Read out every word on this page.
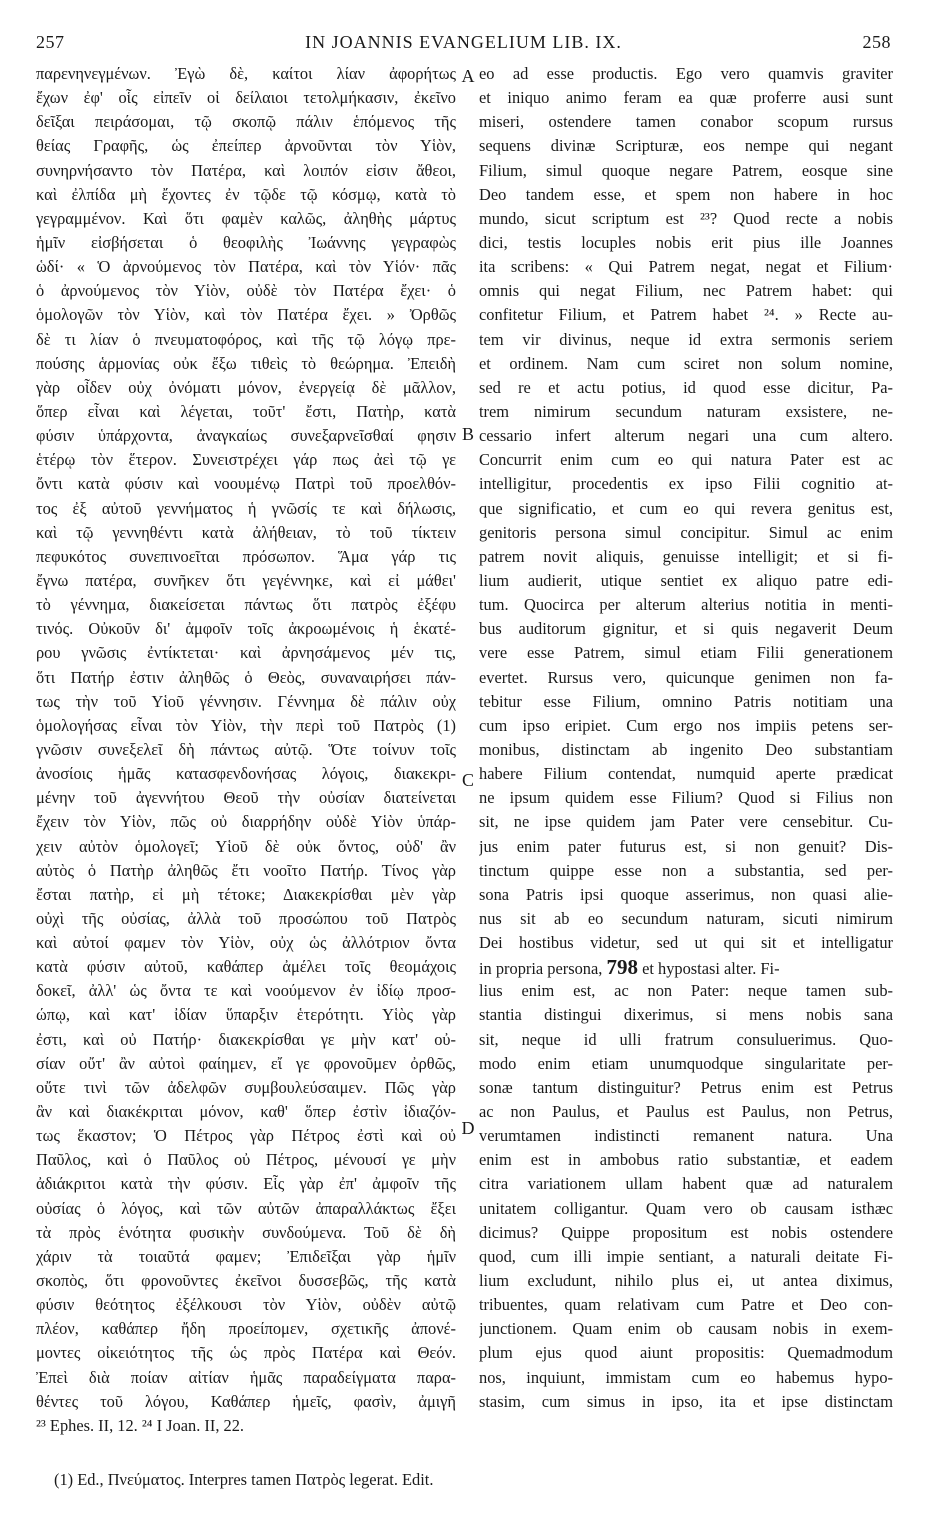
257	IN JOANNIS EVANGELIUM LIB. IX.	258
παρενηνεγμένων. Ἐγὼ δὲ, καίτοι λίαν ἀφορήτως
ἔχων ἐφ' οἷς εἰπεῖν οἱ δείλαιοι τετολμήκασιν, ἐκεῖνο
δεῖξαι πειράσομαι, τῷ σκοπῷ πάλιν ἑπόμενος τῆς
θείας Γραφῆς, ὡς ἐπείπερ ἀρνοῦνται τὸν Υἱὸν,
συνηρνήσαντο τὸν Πατέρα, καὶ λοιπόν εἰσιν ἄθεοι,
καὶ ἐλπίδα μὴ ἔχοντες ἐν τῷδε τῷ κόσμῳ, κατὰ τὸ
γεγραμμένον. Καὶ ὅτι φαμὲν καλῶς, ἀληθὴς μάρτυς
ἡμῖν εἰσβήσεται ὁ θεοφιλὴς Ἰωάννης γεγραφὼς
ὡδί· « Ὁ ἀρνούμενος τὸν Πατέρα, καὶ τὸν Υἱόν· πᾶς
ὁ ἀρνούμενος τὸν Υἱὸν, οὐδὲ τὸν Πατέρα ἔχει· ὁ
ὁμολογῶν τὸν Υἱὸν, καὶ τὸν Πατέρα ἔχει. » Ὀρθῶς
δὲ τι λίαν ὁ πνευματοφόρος, καὶ τῆς τῷ λόγῳ πρε-
πούσης ἁρμονίας οὐκ ἔξω τιθεὶς τὸ θεώρημα. Ἐπειδὴ
γὰρ οἶδεν οὐχ ὀνόματι μόνον, ἐνεργείᾳ δὲ μᾶλλον,
ὅπερ εἶναι καὶ λέγεται, τοῦτ' ἔστι, Πατὴρ, κατὰ
φύσιν ὑπάρχοντα, ἀναγκαίως συνεξαρνεῖσθαί φησιν
ἑτέρῳ τὸν ἕτερον. Συνειστρέχει γάρ πως ἀεὶ τῷ γε
ὄντι κατὰ φύσιν καὶ νοουμένῳ Πατρὶ τοῦ προελθόν-
τος ἐξ αὐτοῦ γεννήματος ἡ γνῶσίς τε καὶ δήλωσις,
καὶ τῷ γεννηθέντι κατὰ ἀλήθειαν, τὸ τοῦ τίκτειν
πεφυκότος συνεπινοεῖται πρόσωπον. Ἅμα γάρ τις
ἔγνω πατέρα, συνῆκεν ὅτι γεγέννηκε, καὶ εἰ μάθει'
τὸ γέννημα, διακείσεται πάντως ὅτι πατρὸς ἐξέφυ
τινός. Οὐκοῦν δι' ἀμφοῖν τοῖς ἀκροωμένοις ἡ ἑκατέ-
ρου γνῶσις ἐντίκτεται· καὶ ἀρνησάμενος μέν τις,
ὅτι Πατήρ ἐστιν ἀληθῶς ὁ Θεὸς, συναναιρήσει πάν-
τως τὴν τοῦ Υἱοῦ γέννησιν. Γέννημα δὲ πάλιν οὐχ
ὁμολογήσας εἶναι τὸν Υἱὸν, τὴν περὶ τοῦ Πατρὸς (1)
γνῶσιν συνεξελεῖ δὴ πάντως αὐτῷ. Ὅτε τοίνυν τοῖς
ἀνοσίοις ἡμᾶς κατασφενδονήσας λόγοις, διακεκρι-
μένην τοῦ ἀγεννήτου Θεοῦ τὴν οὐσίαν διατείνεται
ἔχειν τὸν Υἱὸν, πῶς οὐ διαρρήδην οὐδὲ Υἱὸν ὑπάρ-
χειν αὐτὸν ὁμολογεῖ; Υἱοῦ δὲ οὐκ ὄντος, οὐδ' ἂν
αὐτὸς ὁ Πατὴρ ἀληθῶς ἔτι νοοῖτο Πατήρ. Τίνος γὰρ
ἔσται πατὴρ, εἰ μὴ τέτοκε; Διακεκρίσθαι μὲν γὰρ
οὐχὶ τῆς οὐσίας, ἀλλὰ τοῦ προσώπου τοῦ Πατρὸς
καὶ αὐτοί φαμεν τὸν Υἱὸν, οὐχ ὡς ἀλλότριον ὄντα
κατὰ φύσιν αὐτοῦ, καθάπερ ἀμέλει τοῖς θεομάχοις
δοκεῖ, ἀλλ' ὡς ὄντα τε καὶ νοούμενον ἐν ἰδίῳ προσ-
ώπῳ, καὶ κατ' ἰδίαν ὕπαρξιν ἑτερότητι. Υἱὸς γὰρ
ἐστι, καὶ οὐ Πατήρ· διακεκρίσθαι γε μὴν κατ' οὐ-
σίαν οὔτ' ἂν αὐτοὶ φαίημεν, εἴ γε φρονοῦμεν ὀρθῶς,
οὔτε τινὶ τῶν ἀδελφῶν συμβουλεύσαιμεν. Πῶς γὰρ
ἂν καὶ διακέκριται μόνον, καθ' ὅπερ ἐστὶν ἰδιαζόν-
τως ἕκαστον; Ὁ Πέτρος γὰρ Πέτρος ἐστὶ καὶ οὐ
Παῦλος, καὶ ὁ Παῦλος οὐ Πέτρος, μένουσί γε μὴν
ἀδιάκριτοι κατὰ τὴν φύσιν. Εἷς γὰρ ἐπ' ἀμφοῖν τῆς
οὐσίας ὁ λόγος, καὶ τῶν αὐτῶν ἀπαραλλάκτως ἔξει
τὰ πρὸς ἑνότητα φυσικὴν συνδούμενα. Τοῦ δὲ δὴ
χάριν τὰ τοιαῦτά φαμεν; Ἐπιδεῖξαι γὰρ ἡμῖν
σκοπὸς, ὅτι φρονοῦντες ἐκεῖνοι δυσσεβῶς, τῆς κατὰ
φύσιν θεότητος ἐξέλκουσι τὸν Υἱὸν, οὐδὲν αὐτῷ
πλέον, καθάπερ ἤδη προείπομεν, σχετικῆς ἀπονέ-
μοντες οἰκειότητος τῆς ὡς πρὸς Πατέρα καὶ Θεόν.
Ἐπεὶ διὰ ποίαν αἰτίαν ἡμᾶς παραδείγματα παρα-
θέντες τοῦ λόγου, Καθάπερ ἡμεῖς, φασὶν, ἀμιγῆ
eo ad esse productis. Ego vero quamvis graviter
et iniquo animo feram ea quæ proferre ausi sunt
miseri, ostendere tamen conabor scopum rursus
sequens divinæ Scripturæ, eos nempe qui negant
Filium, simul quoque negare Patrem, eosque sine
Deo tandem esse, et spem non habere in hoc
mundo, sicut scriptum est ²³? Quod recte a nobis
dici, testis locuples nobis erit pius ille Joannes
ita scribens: « Qui Patrem negat, negat et Filium·
omnis qui negat Filium, nec Patrem habet: qui
confitetur Filium, et Patrem habet ²⁴. » Recte au-
tem vir divinus, neque id extra sermonis seriem
et ordinem. Nam cum sciret non solum nomine,
sed re et actu potius, id quod esse dicitur, Pa-
trem nimirum secundum naturam exsistere, ne-
cessario infert alterum negari una cum altero.
Concurrit enim cum eo qui natura Pater est ac
intelligitur, procedentis ex ipso Filii cognitio at-
que significatio, et cum eo qui revera genitus est,
genitoris persona simul concipitur. Simul ac enim
patrem novit aliquis, genuisse intelligit; et si fi-
lium audierit, utique sentiet ex aliquo patre edi-
tum. Quocirca per alterum alterius notitia in menti-
bus auditorum gignitur, et si quis negaverit Deum
vere esse Patrem, simul etiam Filii generationem
evertet. Rursus vero, quicunque genimen non fa-
tebitur esse Filium, omnino Patris notitiam una
cum ipso eripiet. Cum ergo nos impiis petens ser-
monibus, distinctam ab ingenito Deo substantiam
habere Filium contendat, numquid aperte prædicat
ne ipsum quidem esse Filium? Quod si Filius non
sit, ne ipse quidem jam Pater vere censebitur. Cu-
jus enim pater futurus est, si non genuit? Dis-
tinctum quippe esse non a substantia, sed per-
sona Patris ipsi quoque asserimus, non quasi alie-
nus sit ab eo secundum naturam, sicuti nimirum
Dei hostibus videtur, sed ut qui sit et intelligatur
in propria persona, 798 et hypostasi alter. Fi-
lius enim est, ac non Pater: neque tamen sub-
stantia distingui dixerimus, si mens nobis sana
sit, neque id ulli fratrum consuluerimus. Quo-
modo enim etiam unumquodque singularitate per-
sonæ tantum distinguitur? Petrus enim est Petrus
ac non Paulus, et Paulus est Paulus, non Petrus,
verumtamen indistincti remanent natura. Una
enim est in ambobus ratio substantiæ, et eadem
citra variationem ullam habent quæ ad naturalem
unitatem colligantur. Quam vero ob causam isthæc
dicimus? Quippe propositum est nobis ostendere
quod, cum illi impie sentiant, a naturali deitate Fi-
lium excludunt, nihilo plus ei, ut antea diximus,
tribuentes, quam relativam cum Patre et Deo con-
junctionem. Quam enim ob causam nobis in exem-
plum ejus quod aiunt propositis: Quemadmodum
nos, inquiunt, immistam cum eo habemus hypo-
stasim, cum simus in ipso, ita et ipse distinctam
A
B
C
D
²³ Ephes. II, 12. ²⁴ I Joan. II, 22.
(1) Ed., Πνεύματος. Interpres tamen Πατρὸς legerat. Edit.
